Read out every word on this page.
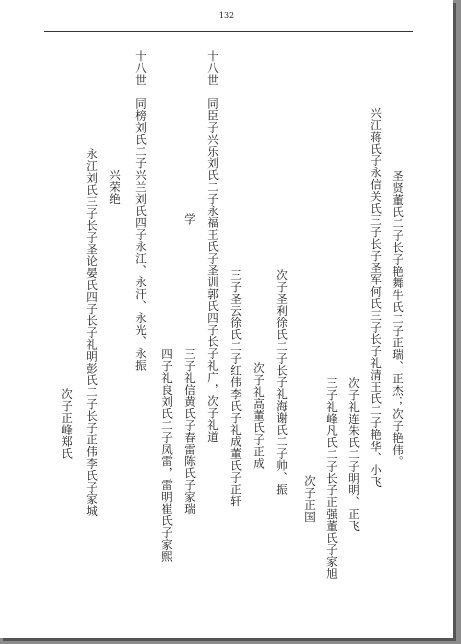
132
圣贤董氏二子长子艳舞牛氏二子正瑞、正杰；次子艳伟。
兴江蒋氏子永信关氏三子长子圣军何氏三子长子礼清王氏二子艳华、小飞
次子礼连朱氏二子明明、正飞
三子礼峰凡氏二子长子正强董氏子家旭
次子正国
次子圣利徐氏二子长子礼海谢氏二子帅、振
次子礼高董氏子正成
三子圣云徐氏二子红伟李氏子礼成董氏子正轩
十八世　同臣子兴乐刘氏二子永福王氏子圣训郭氏四子长子礼广，次子礼道
学
三子礼信黄氏子春雷陈氏子家瑞
四子礼良刘氏二子凤雷，雷明崔氏子家熙
十八世　同榜刘氏二子兴兰刘氏四子永江、永汗、永光、永振
兴荣绝
永江刘氏三子长子圣论晏氏四子长子礼明彭氏二子长子正伟李氏子家城
次子正峰郑氏
